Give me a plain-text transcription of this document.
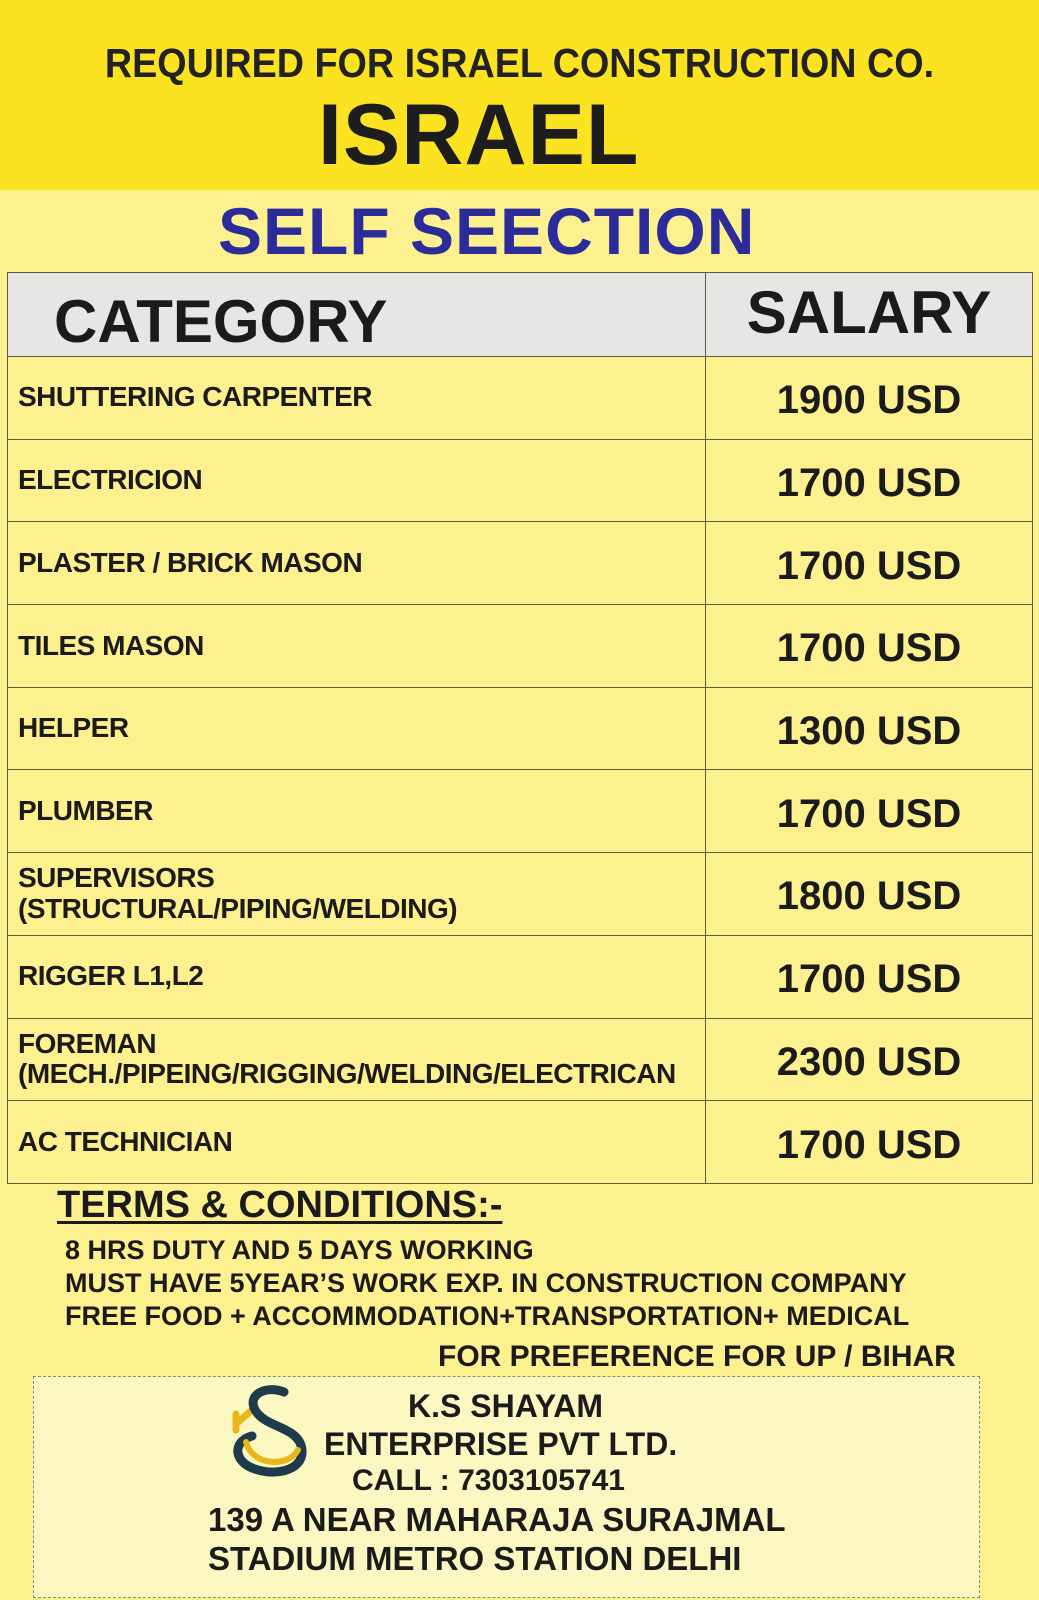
REQUIRED FOR ISRAEL CONSTRUCTION CO.
ISRAEL
SELF SEECTION
CATEGORY	SALARY
SHUTTERING CARPENTER	1900 USD
ELECTRICION	1700 USD
PLASTER / BRICK MASON	1700 USD
TILES MASON	1700 USD
HELPER	1300 USD
PLUMBER	1700 USD
SUPERVISORS
(STRUCTURAL/PIPING/WELDING)	1800 USD
RIGGER L1,L2	1700 USD
FOREMAN
(MECH./PIPEING/RIGGING/WELDING/ELECTRICAN	2300 USD
AC TECHNICIAN	1700 USD
TERMS & CONDITIONS:-
8 HRS DUTY AND 5 DAYS WORKING
MUST HAVE 5YEAR’S WORK EXP. IN CONSTRUCTION COMPANY
FREE FOOD + ACCOMMODATION+TRANSPORTATION+ MEDICAL
FOR PREFERENCE FOR UP / BIHAR
K.S SHAYAM
ENTERPRISE PVT LTD.
CALL : 7303105741
139 A NEAR MAHARAJA SURAJMAL
STADIUM METRO STATION DELHI
